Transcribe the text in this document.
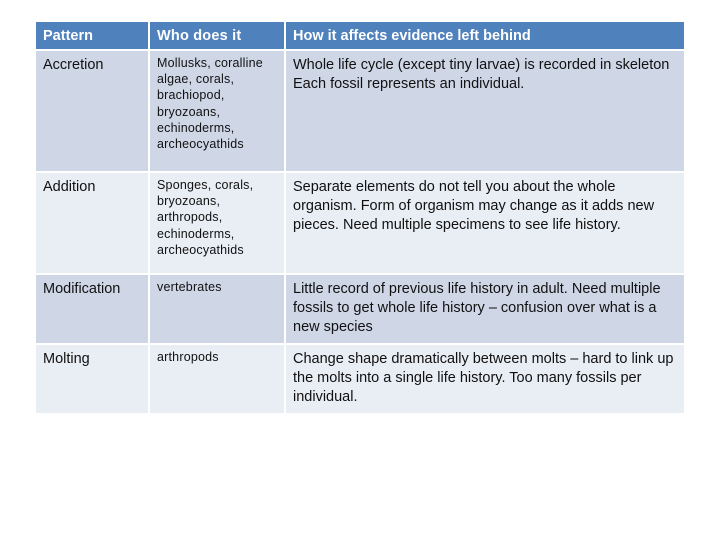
Pattern	Who does it	How it affects evidence left behind
Accretion	Mollusks, coralline algae, corals, brachiopod, bryozoans, echinoderms, archeocyathids	Whole life cycle (except tiny larvae) is recorded in skeleton
Each fossil represents an individual.

Addition	Sponges, corals, bryozoans, arthropods, echinoderms, archeocyathids	Separate elements do not tell you about the whole organism. Form of organism may change as it adds new pieces. Need multiple specimens to see life history.

Modification	vertebrates	Little record of previous life history in adult. Need multiple fossils to get whole life history – confusion over what is a new species

Molting	arthropods	Change shape dramatically between molts – hard to link up the molts into a single life history. Too many fossils per individual.
